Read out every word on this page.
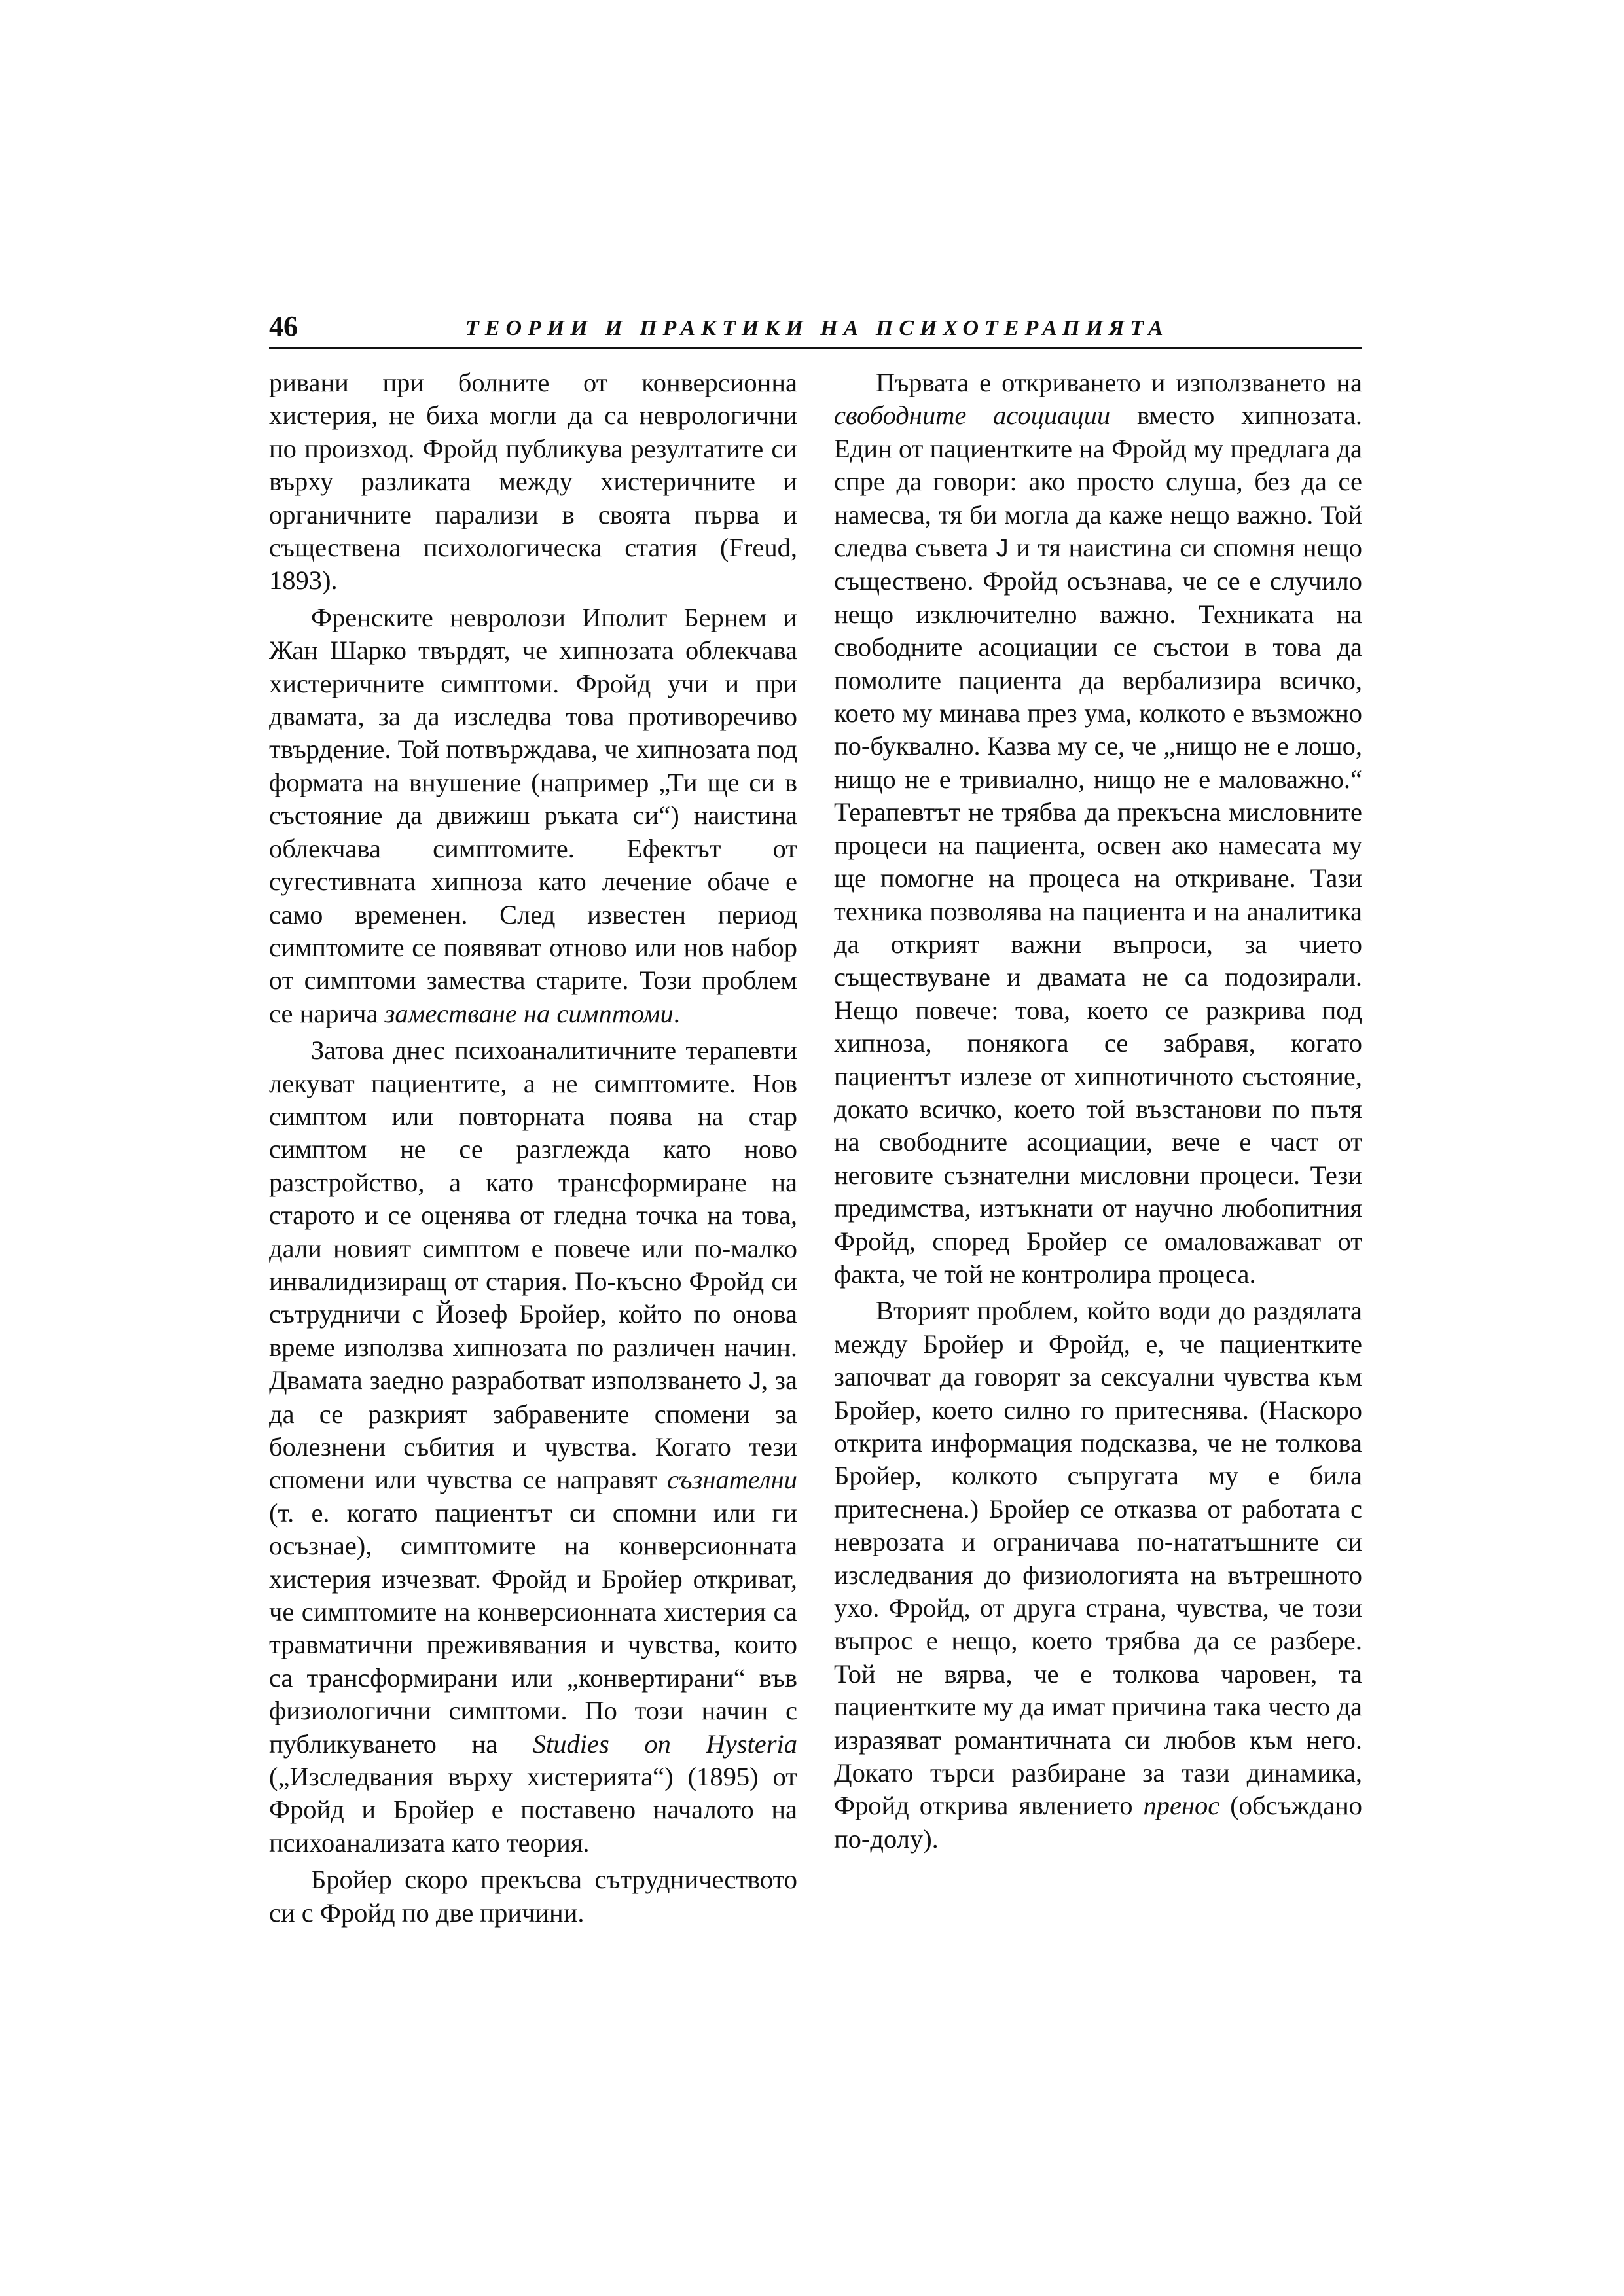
46	ТЕОРИИ И ПРАКТИКИ НА ПСИХОТЕРАПИЯТА

ривани при болните от конверсионна хистерия, не биха могли да са неврологични по произход. Фройд публикува резултатите си върху разликата между хистеричните и органичните парализи в своята първа и съществена психологическа статия (Freud, 1893).

Френските невролози Иполит Бернем и Жан Шарко твърдят, че хипнозата облекчава хистеричните симптоми. Фройд учи и при двамата, за да изследва това противоречиво твърдение. Той потвърждава, че хипнозата под формата на внушение (например „Ти ще си в състояние да движиш ръката си“) наистина облекчава симптомите. Ефектът от сугестивната хипноза като лечение обаче е само временен. След известен период симптомите се появяват отново или нов набор от симптоми замества старите. Този проблем се нарича заместване на симптоми.

Затова днес психоаналитичните терапевти лекуват пациентите, а не симптомите. Нов симптом или повторната поява на стар симптом не се разглежда като ново разстройство, а като трансформиране на старото и се оценява от гледна точка на това, дали новият симптом е повече или по-малко инвалидизиращ от стария. По-късно Фройд си сътрудничи с Йозеф Бройер, който по онова време използва хипнозата по различен начин. Двамата заедно разработват използването J, за да се разкрият забравените спомени за болезнени събития и чувства. Когато тези спомени или чувства се направят съзнателни (т. е. когато пациентът си спомни или ги осъзнае), симптомите на конверсионната хистерия изчезват. Фройд и Бройер откриват, че симптомите на конверсионната хистерия са травматични преживявания и чувства, които са трансформирани или „конвертирани“ във физиологични симптоми. По този начин с публикуването на Studies on Hysteria („Изследвания върху хистерията“) (1895) от Фройд и Бройер е поставено началото на психоанализата като теория.

Бройер скоро прекъсва сътрудничеството си с Фройд по две причини.

Първата е откриването и използването на свободните асоциации вместо хипнозата. Един от пациентките на Фройд му предлага да спре да говори: ако просто слуша, без да се намесва, тя би могла да каже нещо важно. Той следва съвета J и тя наистина си спомня нещо съществено. Фройд осъзнава, че се е случило нещо изключително важно. Техниката на свободните асоциации се състои в това да помолите пациента да вербализира всичко, което му минава през ума, колкото е възможно по-буквално. Казва му се, че „нищо не е лошо, нищо не е тривиално, нищо не е маловажно.“ Терапевтът не трябва да прекъсна мисловните процеси на пациента, освен ако намесата му ще помогне на процеса на откриване. Тази техника позволява на пациента и на аналитика да открият важни въпроси, за чието съществуване и двамата не са подозирали. Нещо повече: това, което се разкрива под хипноза, понякога се забравя, когато пациентът излезе от хипнотичното състояние, докато всичко, което той възстанови по пътя на свободните асоциации, вече е част от неговите съзнателни мисловни процеси. Тези предимства, изтъкнати от научно любопитния Фройд, според Бройер се омаловажават от факта, че той не контролира процеса.

Вторият проблем, който води до раздялата между Бройер и Фройд, е, че пациентките започват да говорят за сексуални чувства към Бройер, което силно го притеснява. (Наскоро открита информация подсказва, че не толкова Бройер, колкото съпругата му е била притеснена.) Бройер се отказва от работата с неврозата и ограничава по-нататъшните си изследвания до физиологията на вътрешното ухо. Фройд, от друга страна, чувства, че този въпрос е нещо, което трябва да се разбере. Той не вярва, че е толкова чаровен, та пациентките му да имат причина така често да изразяват романтичната си любов към него. Докато търси разбиране за тази динамика, Фройд открива явлението пренос (обсъждано по-долу).
